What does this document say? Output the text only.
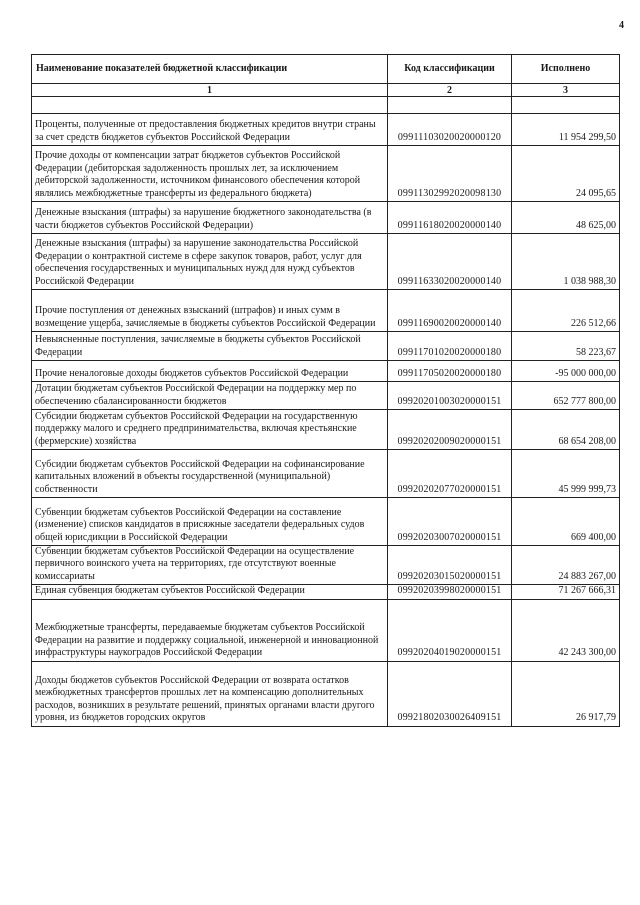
4
Наименование показателей бюджетной классификации	Код классификации	Исполнено
1	2	3

Проценты, полученные от предоставления бюджетных кредитов внутри страны за счет средств бюджетов субъектов Российской Федерации	09911103020020000120	11 954 299,50
Прочие доходы от компенсации затрат бюджетов субъектов Российской Федерации (дебиторская задолженность прошлых лет, за исключением дебиторской задолженности, источником финансового обеспечения которой являлись межбюджетные трансферты из федерального бюджета)	09911302992020098130	24 095,65
Денежные взыскания (штрафы) за нарушение бюджетного законодательства (в части бюджетов субъектов Российской Федерации)	09911618020020000140	48 625,00
Денежные взыскания (штрафы) за нарушение законодательства Российской Федерации о контрактной системе в сфере закупок товаров, работ, услуг для обеспечения государственных и муниципальных нужд для нужд субъектов Российской Федерации	09911633020020000140	1 038 988,30
Прочие поступления от денежных взысканий (штрафов) и иных сумм в возмещение ущерба, зачисляемые в бюджеты субъектов Российской Федерации	09911690020020000140	226 512,66
Невыясненные поступления, зачисляемые в бюджеты субъектов Российской Федерации	09911701020020000180	58 223,67
Прочие неналоговые доходы бюджетов субъектов Российской Федерации	09911705020020000180	-95 000 000,00
Дотации бюджетам субъектов Российской Федерации на поддержку мер по обеспечению сбалансированности бюджетов	09920201003020000151	652 777 800,00
Субсидии бюджетам субъектов Российской Федерации на государственную поддержку малого и среднего предпринимательства, включая крестьянские (фермерские) хозяйства	09920202009020000151	68 654 208,00
Субсидии бюджетам субъектов Российской Федерации на софинансирование капитальных вложений в объекты государственной (муниципальной) собственности	09920202077020000151	45 999 999,73
Субвенции бюджетам субъектов Российской Федерации на составление (изменение) списков кандидатов в присяжные заседатели федеральных судов общей юрисдикции в Российской Федерации	09920203007020000151	669 400,00
Субвенции бюджетам субъектов Российской Федерации на осуществление первичного воинского учета на территориях, где отсутствуют военные комиссариаты	09920203015020000151	24 883 267,00
Единая субвенция бюджетам субъектов Российской Федерации	09920203998020000151	71 267 666,31
Межбюджетные трансферты, передаваемые бюджетам субъектов Российской Федерации на развитие и поддержку социальной, инженерной и инновационной инфраструктуры наукоградов Российской Федерации	09920204019020000151	42 243 300,00
Доходы бюджетов субъектов Российской Федерации от возврата остатков межбюджетных трансфертов прошлых лет на компенсацию дополнительных расходов, возникших в результате решений, принятых органами власти другого уровня, из бюджетов городских округов	09921802030026409151	26 917,79
